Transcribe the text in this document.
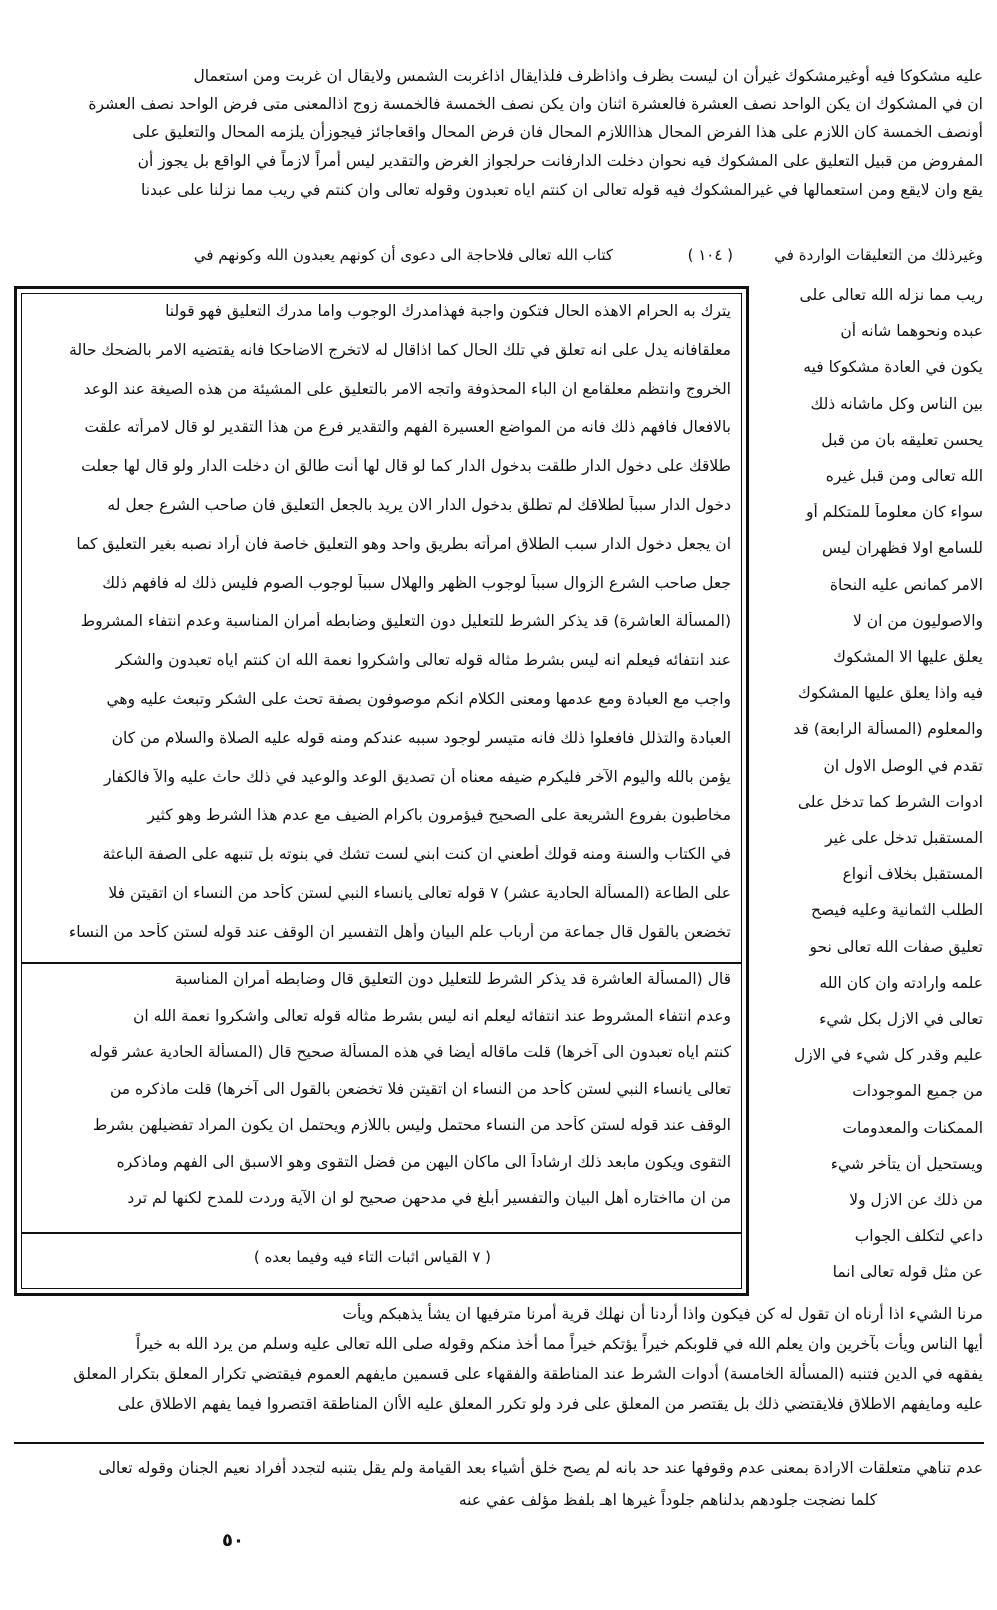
عليه مشكوكا فيه أوغيرمشكوك غيرأن ان ليست بظرف واذاظرف فلذايقال اذاغربت الشمس ولايقال ان غربت ومن استعمال
ان في المشكوك ان يكن الواحد نصف العشرة فالعشرة اثنان وان يكن نصف الخمسة فالخمسة زوج اذالمعنى متى فرض الواحد نصف العشرة
أونصف الخمسة كان اللازم على هذا الفرض المحال هذااللازم المحال فان فرض المحال واقعاجائز فيجوزأن يلزمه المحال والتعليق على
المفروض من قبيل التعليق على المشكوك فيه نحوان دخلت الدارفانت حرلجواز الغرض والتقدير ليس أمراً لازماً في الواقع بل يجوز أن
يقع وان لايقع ومن استعمالها في غيرالمشكوك فيه قوله تعالى ان كنتم اياه تعبدون وقوله تعالى وان كنتم في ريب مما نزلنا على عبدنا
وغيرذلك من التعليقات الواردة في
( ١٠٤ )
كتاب الله تعالى فلاحاجة الى دعوى أن كونهم يعبدون الله وكونهم في
ريب مما نزله الله تعالى على
عبده ونحوهما شانه أن
يكون في العادة مشكوكا فيه
بين الناس وكل ماشانه ذلك
يحسن تعليقه بان من قبل
الله تعالى ومن قبل غيره
سواء كان معلوماً للمتكلم أو
للسامع اولا فظهران ليس
الامر كمانص عليه النحاة
والاصوليون من ان لا
يعلق عليها الا المشكوك
فيه واذا يعلق عليها المشكوك
والمعلوم (المسألة الرابعة) قد
تقدم في الوصل الاول ان
ادوات الشرط كما تدخل على
المستقبل تدخل على غير
المستقبل بخلاف أنواع
الطلب الثمانية وعليه فيصح
تعليق صفات الله تعالى نحو
علمه وارادته وان كان الله
تعالى في الازل بكل شيء
عليم وقدر كل شيء في الازل
من جميع الموجودات
الممكنات والمعدومات
ويستحيل أن يتأخر شيء
من ذلك عن الازل ولا
داعي لتكلف الجواب
عن مثل قوله تعالى انما
يترك به الحرام الاهذه الحال فتكون واجبة فهذامدرك الوجوب واما مدرك التعليق فهو قولنا
معلقافانه يدل على انه تعلق في تلك الحال كما اذاقال له لاتخرج الاضاحكا فانه يقتضيه الامر بالضحك حالة
الخروج وانتظم معلقامع ان الباء المحذوفة واتجه الامر بالتعليق على المشيئة من هذه الصيغة عند الوعد
بالافعال فافهم ذلك فانه من المواضع العسيرة الفهم والتقدير فرع من هذا التقدير لو قال لامرأته علقت
طلاقك على دخول الدار طلقت بدخول الدار كما لو قال لها أنت طالق ان دخلت الدار ولو قال لها جعلت
دخول الدار سبباً لطلاقك لم تطلق بدخول الدار الان يريد بالجعل التعليق فان صاحب الشرع جعل له
ان يجعل دخول الدار سبب الطلاق امرأته بطريق واحد وهو التعليق خاصة فان أراد نصبه بغير التعليق كما
جعل صاحب الشرع الزوال سبباً لوجوب الظهر والهلال سبباً لوجوب الصوم فليس ذلك له فافهم ذلك
(المسألة العاشرة) قد يذكر الشرط للتعليل دون التعليق وضابطه أمران المناسبة وعدم انتفاء المشروط
عند انتفائه فيعلم انه ليس بشرط مثاله قوله تعالى واشكروا نعمة الله ان كنتم اياه تعبدون والشكر
واجب مع العبادة ومع عدمها ومعنى الكلام انكم موصوفون بصفة تحث على الشكر وتبعث عليه وهي
العبادة والتذلل فافعلوا ذلك فانه متيسر لوجود سببه عندكم ومنه قوله عليه الصلاة والسلام من كان
يؤمن بالله واليوم الآخر فليكرم ضيفه معناه أن تصديق الوعد والوعيد في ذلك حاث عليه والاً فالكفار
مخاطبون بفروع الشريعة على الصحيح فيؤمرون باكرام الضيف مع عدم هذا الشرط وهو كثير
في الكتاب والسنة ومنه قولك أطعني ان كنت ابني لست تشك في بنوته بل تنبهه على الصفة الباعثة
على الطاعة (المسألة الحادية عشر) ٧ قوله تعالى يانساء النبي لستن كأحد من النساء ان اتقيتن فلا
تخضعن بالقول قال جماعة من أرباب علم البيان وأهل التفسير ان الوقف عند قوله لستن كأحد من النساء
قال (المسألة العاشرة قد يذكر الشرط للتعليل دون التعليق قال وضابطه أمران المناسبة
وعدم انتفاء المشروط عند انتفائه ليعلم انه ليس بشرط مثاله قوله تعالى واشكروا نعمة الله ان
كنتم اياه تعبدون الى آخرها) قلت ماقاله أيضا في هذه المسألة صحيح قال (المسألة الحادية عشر قوله
تعالى يانساء النبي لستن كأحد من النساء ان اتقيتن فلا تخضعن بالقول الى آخرها) قلت ماذكره من
الوقف عند قوله لستن كأحد من النساء محتمل وليس باللازم ويحتمل ان يكون المراد تفضيلهن بشرط
التقوى ويكون مابعد ذلك ارشاداً الى ماكان اليهن من فضل التقوى وهو الاسبق الى الفهم وماذكره
من ان مااختاره أهل البيان والتفسير أبلغ في مدحهن صحيح لو ان الآية وردت للمدح لكنها لم ترد
( ٧ القياس اثبات التاء فيه وفيما بعده )
مرنا الشيء اذا أرناه ان تقول له كن فيكون واذا أردنا أن نهلك قرية أمرنا مترفيها ان يشأ يذهبكم ويأت
أيها الناس ويأت بآخرين وان يعلم الله في قلوبكم خيراً يؤتكم خيراً مما أخذ منكم وقوله صلى الله تعالى عليه وسلم من يرد الله به خيراً
يفقهه في الدين فتنبه (المسألة الخامسة) أدوات الشرط عند المناطقة والفقهاء على قسمين مايفهم العموم فيقتضي تكرار المعلق بتكرار المعلق
عليه ومايفهم الاطلاق فلايقتضي ذلك بل يقتصر من المعلق على فرد ولو تكرر المعلق عليه الأان المناطقة اقتصروا فيما يفهم الاطلاق على
عدم تناهي متعلقات الارادة بمعنى عدم وقوفها عند حد بانه لم يصح خلق أشياء بعد القيامة ولم يقل بتنبه لتجدد أفراد نعيم الجنان وقوله تعالى
كلما نضجت جلودهم بدلناهم جلوداً غيرها اهـ بلفظ مؤلف عفي عنه
٥٠
